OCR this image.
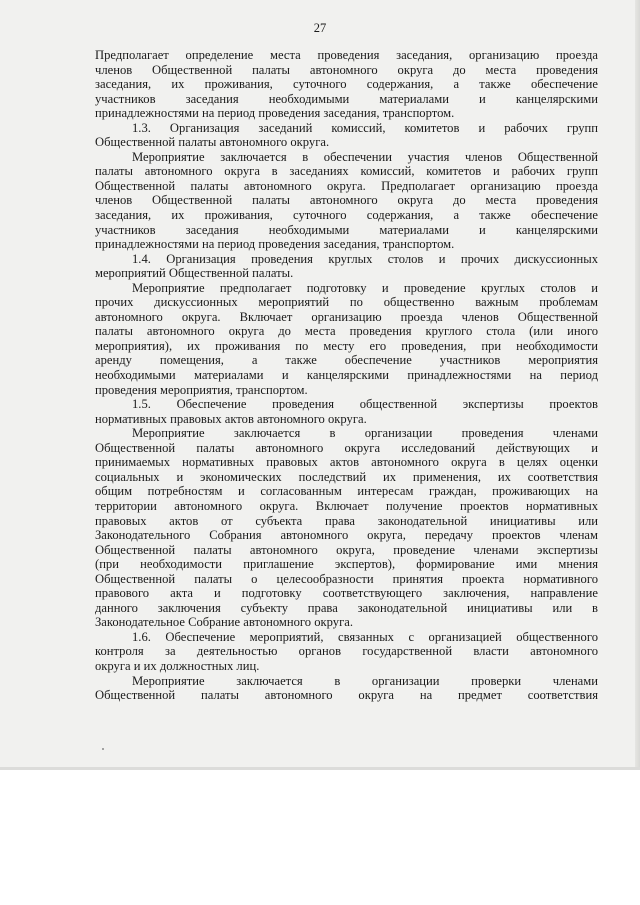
27

Предполагает определение места проведения заседания, организацию проезда
членов Общественной палаты автономного округа до места проведения
заседания, их проживания, суточного содержания, а также обеспечение
участников заседания необходимыми материалами и канцелярскими
принадлежностями на период проведения заседания, транспортом.

1.3. Организация заседаний комиссий, комитетов и рабочих групп
Общественной палаты автономного округа.

Мероприятие заключается в обеспечении участия членов Общественной
палаты автономного округа в заседаниях комиссий, комитетов и рабочих групп
Общественной палаты автономного округа. Предполагает организацию проезда
членов Общественной палаты автономного округа до места проведения
заседания, их проживания, суточного содержания, а также обеспечение
участников заседания необходимыми материалами и канцелярскими
принадлежностями на период проведения заседания, транспортом.

1.4. Организация проведения круглых столов и прочих дискуссионных
мероприятий Общественной палаты.

Мероприятие предполагает подготовку и проведение круглых столов и
прочих дискуссионных мероприятий по общественно важным проблемам
автономного округа. Включает организацию проезда членов Общественной
палаты автономного округа до места проведения круглого стола (или иного
мероприятия), их проживания по месту его проведения, при необходимости
аренду помещения, а также обеспечение участников мероприятия
необходимыми материалами и канцелярскими принадлежностями на период
проведения мероприятия, транспортом.

1.5. Обеспечение проведения общественной экспертизы проектов
нормативных правовых актов автономного округа.

Мероприятие заключается в организации проведения членами
Общественной палаты автономного округа исследований действующих и
принимаемых нормативных правовых актов автономного округа в целях оценки
социальных и экономических последствий их применения, их соответствия
общим потребностям и согласованным интересам граждан, проживающих на
территории автономного округа. Включает получение проектов нормативных
правовых актов от субъекта права законодательной инициативы или
Законодательного Собрания автономного округа, передачу проектов членам
Общественной палаты автономного округа, проведение членами экспертизы
(при необходимости приглашение экспертов), формирование ими мнения
Общественной палаты о целесообразности принятия проекта нормативного
правового акта и подготовку соответствующего заключения, направление
данного заключения субъекту права законодательной инициативы или в
Законодательное Собрание автономного округа.

1.6. Обеспечение мероприятий, связанных с организацией общественного
контроля за деятельностью органов государственной власти автономного
округа и их должностных лиц.

Мероприятие заключается в организации проверки членами
Общественной палаты автономного округа на предмет соответствия
